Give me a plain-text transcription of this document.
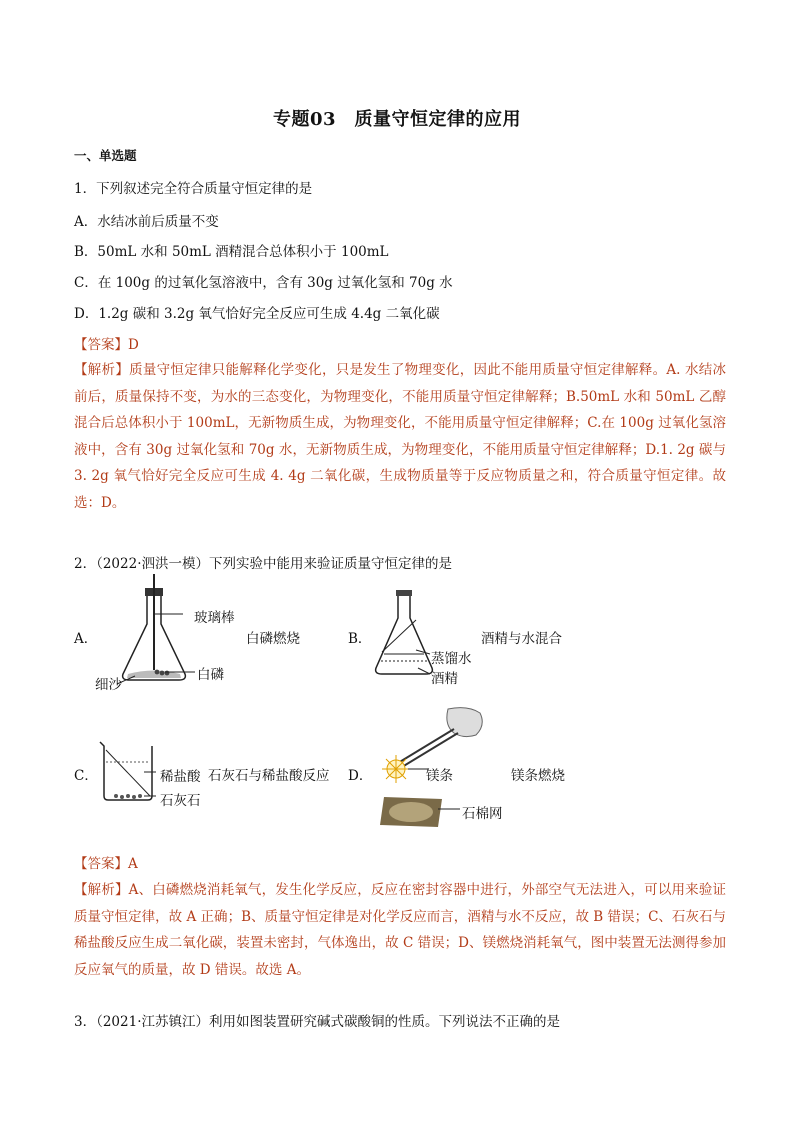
专题03　质量守恒定律的应用
一、单选题
1．下列叙述完全符合质量守恒定律的是
A．水结冰前后质量不变
B．50mL 水和 50mL 酒精混合总体积小于 100mL
C．在 100g 的过氧化氢溶液中，含有 30g 过氧化氢和 70g 水
D．1.2g 碳和 3.2g 氧气恰好完全反应可生成 4.4g 二氧化碳
【答案】D
【解析】质量守恒定律只能解释化学变化，只是发生了物理变化，因此不能用质量守恒定律解释。A. 水结冰前后，质量保持不变，为水的三态变化，为物理变化，不能用质量守恒定律解释；B.50mL 水和 50mL 乙醇混合后总体积小于 100mL，无新物质生成，为物理变化，不能用质量守恒定律解释；C.在 100g 过氧化氢溶液中，含有 30g 过氧化氢和 70g 水，无新物质生成，为物理变化，不能用质量守恒定律解释；D.1. 2g 碳与 3. 2g 氧气恰好完全反应可生成 4. 4g 二氧化碳，生成物质量等于反应物质量之和，符合质量守恒定律。故选：D。
2．（2022·泗洪一模）下列实验中能用来验证质量守恒定律的是
A．
玻璃棒
白磷
细沙
白磷燃烧	B．
蒸馏水
酒精
酒精与水混合
C．	稀盐酸
石灰石
石灰石与稀盐酸反应 D．	镁条
石棉网
镁条燃烧
【答案】A
【解析】A、白磷燃烧消耗氧气，发生化学反应，反应在密封容器中进行，外部空气无法进入，可以用来验证质量守恒定律，故 A 正确；B、质量守恒定律是对化学反应而言，酒精与水不反应，故 B 错误；C、石灰石与稀盐酸反应生成二氧化碳，装置未密封，气体逸出，故 C 错误；D、镁燃烧消耗氧气，图中装置无法测得参加反应氧气的质量，故 D 错误。故选 A。
3．（2021·江苏镇江）利用如图装置研究碱式碳酸铜的性质。下列说法不正确的是
